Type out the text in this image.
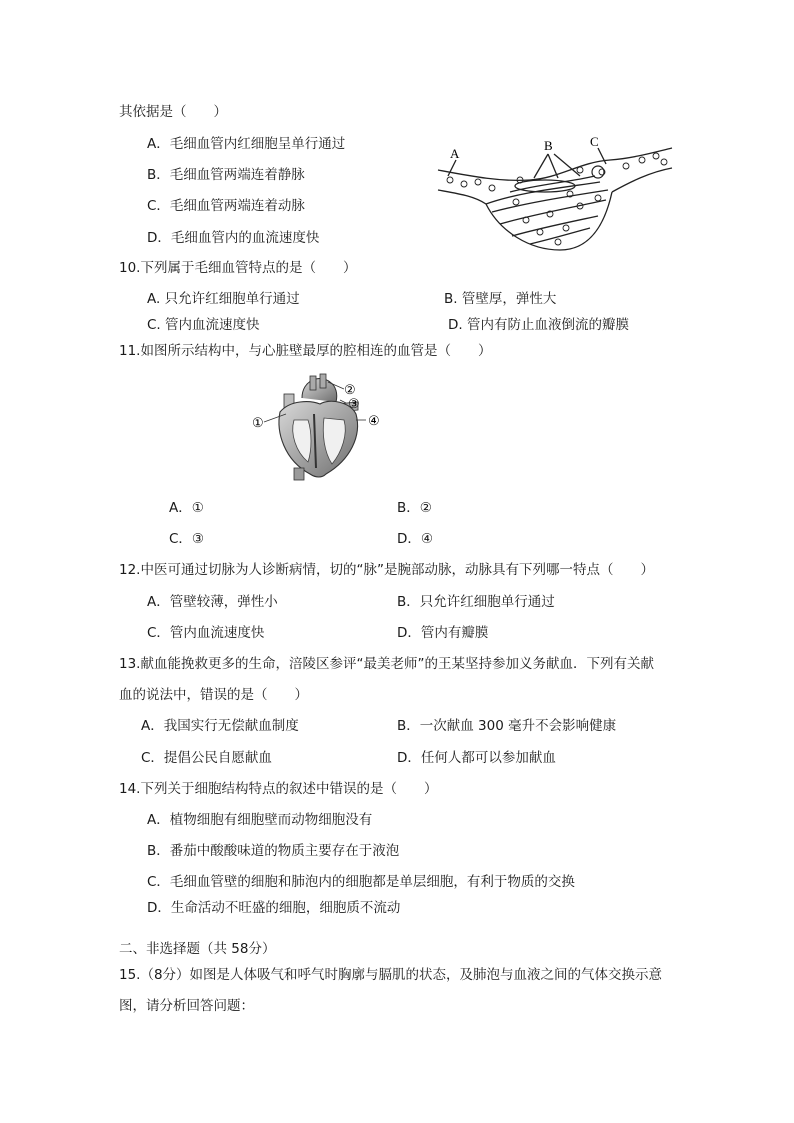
其依据是（　　）
A．毛细血管内红细胞呈单行通过
B．毛细血管两端连着静脉
C．毛细血管两端连着动脉
D．毛细血管内的血流速度快
A
B	C
10.下列属于毛细血管特点的是（　　）
A. 只允许红细胞单行通过	B. 管壁厚，弹性大
C. 管内血流速度快	D. 管内有防止血液倒流的瓣膜
11.如图所示结构中，与心脏壁最厚的腔相连的血管是（　　）
①
②
③
④
A．①	B．②
C．③	D．④
12.中医可通过切脉为人诊断病情，切的“脉”是腕部动脉，动脉具有下列哪一特点（　　）
A．管壁较薄，弹性小	B．只允许红细胞单行通过
C．管内血流速度快	D．管内有瓣膜
13.献血能挽救更多的生命，涪陵区参评“最美老师”的王某坚持参加义务献血．下列有关献
血的说法中，错误的是（　　）
A．我国实行无偿献血制度	B．一次献血 300 毫升不会影响健康
C．提倡公民自愿献血	D．任何人都可以参加献血
14.下列关于细胞结构特点的叙述中错误的是（　　）
A．植物细胞有细胞壁而动物细胞没有
B．番茄中酸酸味道的物质主要存在于液泡
C．毛细血管壁的细胞和肺泡内的细胞都是单层细胞，有利于物质的交换
D．生命活动不旺盛的细胞，细胞质不流动
二、非选择题（共 58分）
15.（8分）如图是人体吸气和呼气时胸廓与膈肌的状态，及肺泡与血液之间的气体交换示意
图，请分析回答问题：
